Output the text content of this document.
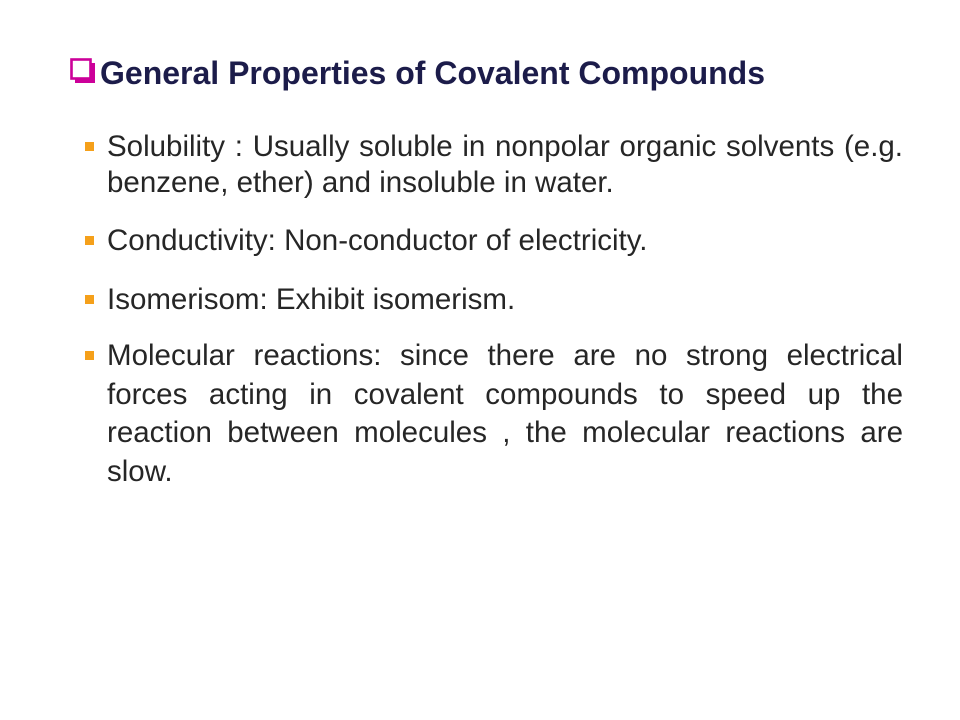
General Properties of Covalent Compounds
Solubility : Usually soluble in nonpolar organic solvents (e.g. benzene, ether) and insoluble in water.
Conductivity: Non-conductor of electricity.
Isomerisom: Exhibit isomerism.
Molecular reactions: since there are no strong electrical forces acting in covalent compounds to speed up the reaction between molecules , the molecular reactions are slow.
